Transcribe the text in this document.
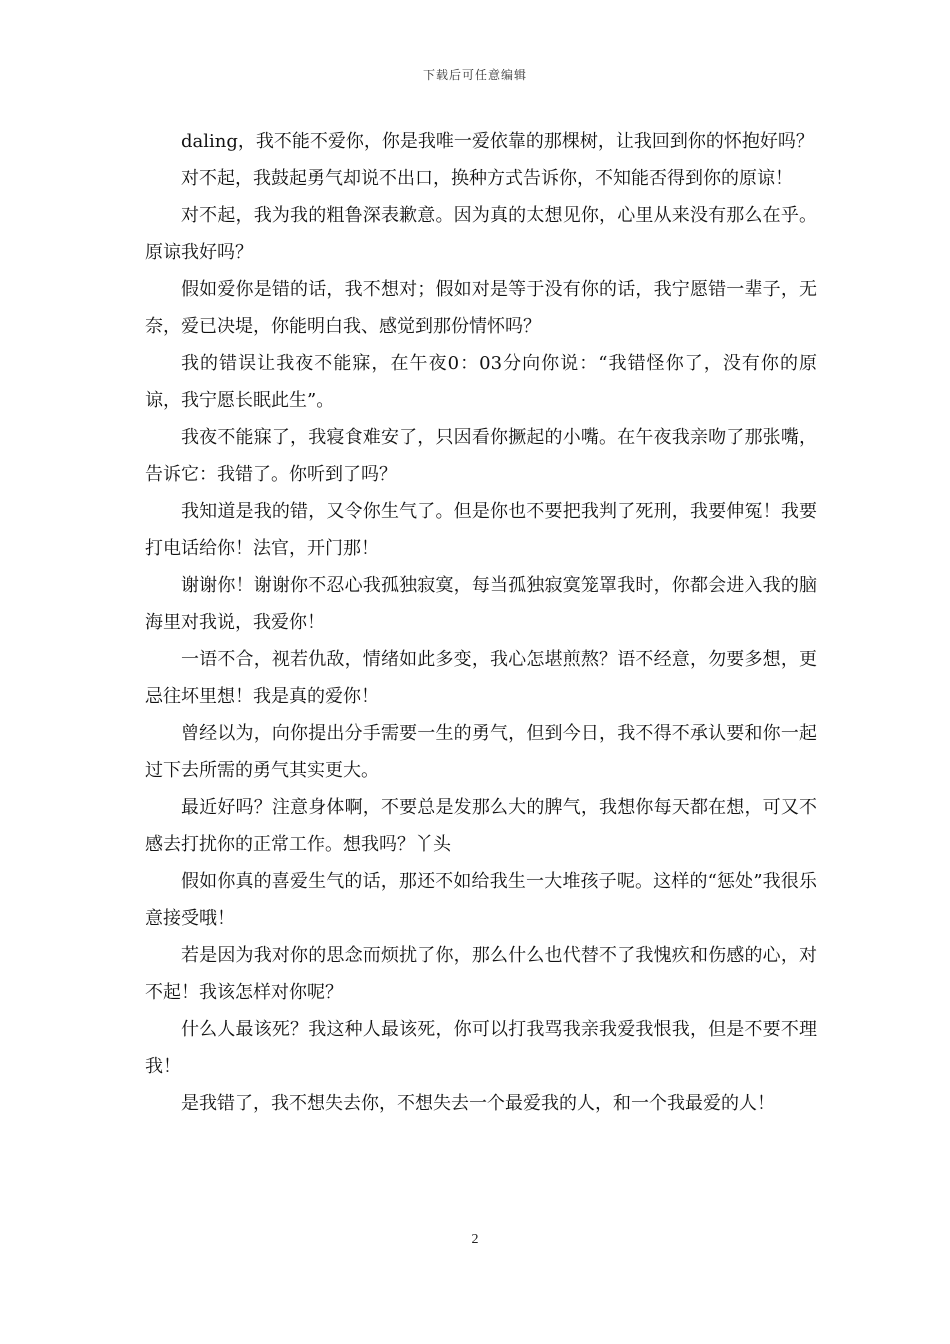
下载后可任意编辑

daling，我不能不爱你，你是我唯一爱依靠的那棵树，让我回到你的怀抱好吗？

对不起，我鼓起勇气却说不出口，换种方式告诉你，不知能否得到你的原谅！

对不起，我为我的粗鲁深表歉意。因为真的太想见你，心里从来没有那么在乎。原谅我好吗？

假如爱你是错的话，我不想对；假如对是等于没有你的话，我宁愿错一辈子，无奈，爱已决堤，你能明白我、感觉到那份情怀吗？

我的错误让我夜不能寐，在午夜0：03分向你说：“我错怪你了，没有你的原谅，我宁愿长眠此生”。

我夜不能寐了，我寝食难安了，只因看你撅起的小嘴。在午夜我亲吻了那张嘴，告诉它：我错了。你听到了吗？

我知道是我的错，又令你生气了。但是你也不要把我判了死刑，我要伸冤！我要打电话给你！法官，开门那！

谢谢你！谢谢你不忍心我孤独寂寞，每当孤独寂寞笼罩我时，你都会进入我的脑海里对我说，我爱你！

一语不合，视若仇敌，情绪如此多变，我心怎堪煎熬？语不经意，勿要多想，更忌往坏里想！我是真的爱你！

曾经以为，向你提出分手需要一生的勇气，但到今日，我不得不承认要和你一起过下去所需的勇气其实更大。

最近好吗？注意身体啊，不要总是发那么大的脾气，我想你每天都在想，可又不感去打扰你的正常工作。想我吗？丫头

假如你真的喜爱生气的话，那还不如给我生一大堆孩子呢。这样的“惩处”我很乐意接受哦！

若是因为我对你的思念而烦扰了你，那么什么也代替不了我愧疚和伤感的心，对不起！我该怎样对你呢？

什么人最该死？我这种人最该死，你可以打我骂我亲我爱我恨我，但是不要不理我！

是我错了，我不想失去你，不想失去一个最爱我的人，和一个我最爱的人！

2
